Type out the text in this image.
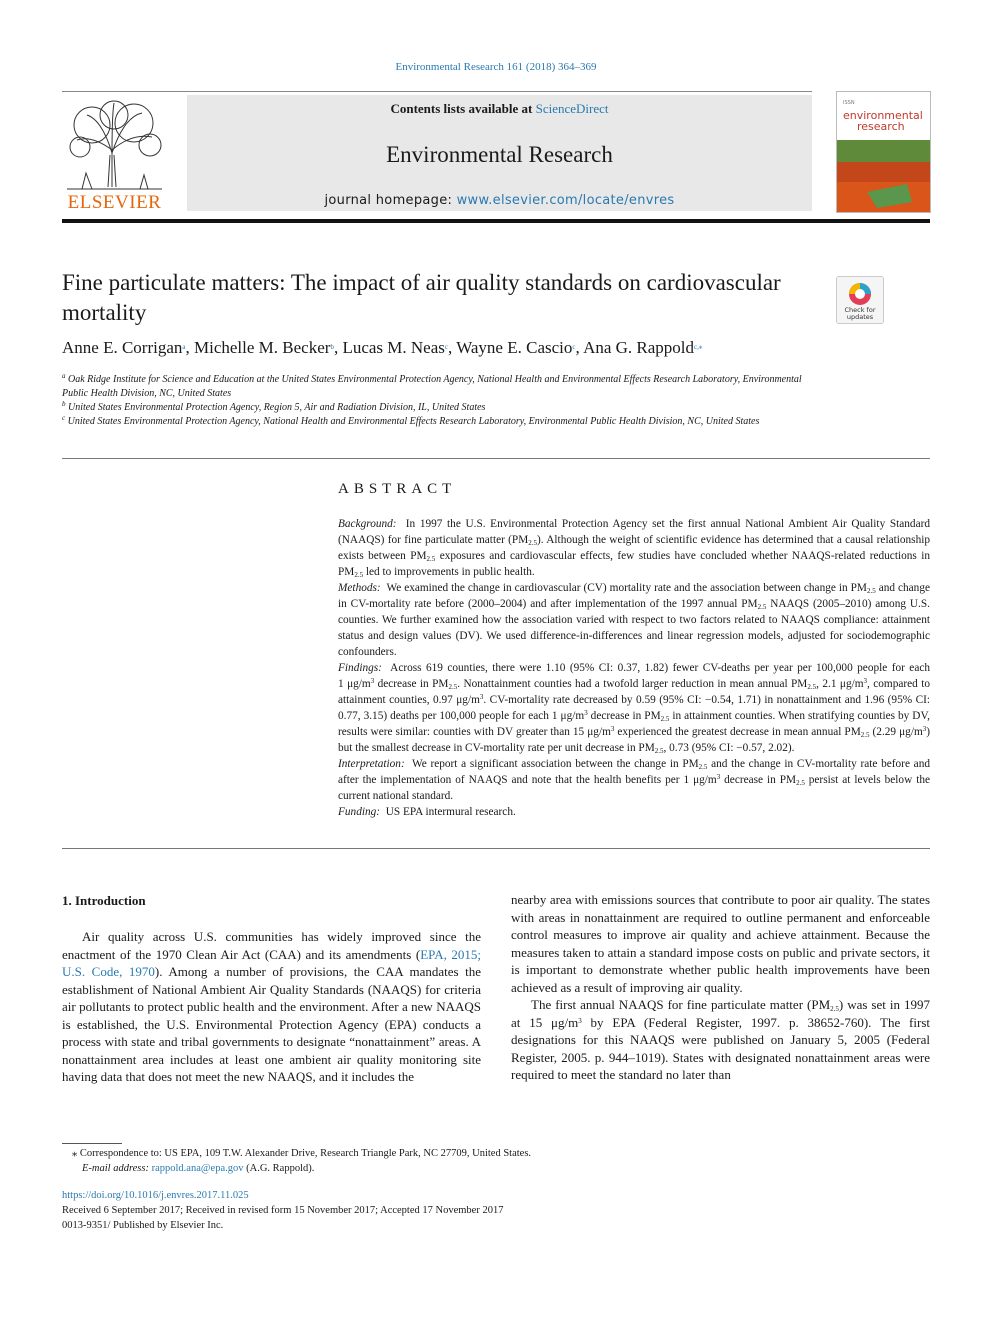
Environmental Research 161 (2018) 364–369
ELSEVIER
Contents lists available at ScienceDirect
Environmental Research
journal homepage: www.elsevier.com/locate/envres
ISSN
environmental
research
Fine particulate matters: The impact of air quality standards on cardiovascular mortality	Check for updates
Anne E. Corrigan$^a$, Michelle M. Becker$^b$, Lucas M. Neas$^c$, Wayne E. Cascio$^c$, Ana G. Rappold$^{c,⁎}$
$^a$ Oak Ridge Institute for Science and Education at the United States Environmental Protection Agency, National Health and Environmental Effects Research Laboratory, Environmental Public Health Division, NC, United States
$^b$ United States Environmental Protection Agency, Region 5, Air and Radiation Division, IL, United States
$^c$ United States Environmental Protection Agency, National Health and Environmental Effects Research Laboratory, Environmental Public Health Division, NC, United States
ABSTRACT

Background:  In 1997 the U.S. Environmental Protection Agency set the first annual National Ambient Air Quality Standard (NAAQS) for fine particulate matter $(PM_{2.5})$. Although the weight of scientific evidence has determined that a causal relationship exists between $PM_{2.5}$ exposures and cardiovascular effects, few studies have concluded whether NAAQS-related reductions in $PM_{2.5}$ led to improvements in public health.

Methods:  We examined the change in cardiovascular (CV) mortality rate and the association between change in $PM_{2.5}$ and change in CV-mortality rate before (2000–2004) and after implementation of the 1997 annual $PM_{2.5}$ NAAQS (2005–2010) among U.S. counties. We further examined how the association varied with respect to two factors related to NAAQS compliance: attainment status and design values (DV). We used difference-in-differences and linear regression models, adjusted for sociodemographic confounders.

Findings:  Across 619 counties, there were 1.10 (95% CI: 0.37, 1.82) fewer CV-deaths per year per 100,000 people for each 1 $\mu g/m^3$ decrease in $PM_{2.5}$. Nonattainment counties had a twofold larger reduction in mean annual $PM_{2.5}$, 2.1 $\mu g/m^3$, compared to attainment counties, 0.97 $\mu g/m^3$. CV-mortality rate decreased by 0.59 (95% CI: −0.54, 1.71) in nonattainment and 1.96 (95% CI: 0.77, 3.15) deaths per 100,000 people for each 1 $\mu g/m^3$ decrease in $PM_{2.5}$ in attainment counties. When stratifying counties by DV, results were similar: counties with DV greater than 15 $\mu g/m^3$ experienced the greatest decrease in mean annual $PM_{2.5}$ (2.29 $\mu g/m^3$) but the smallest decrease in CV-mortality rate per unit decrease in $PM_{2.5}$, 0.73 (95% CI: −0.57, 2.02).

Interpretation:  We report a significant association between the change in $PM_{2.5}$ and the change in CV-mortality rate before and after the implementation of NAAQS and note that the health benefits per 1 $\mu g/m^3$ decrease in $PM_{2.5}$ persist at levels below the current national standard.

Funding: US EPA intermural research.

1. Introduction

Air quality across U.S. communities has widely improved since the enactment of the 1970 Clean Air Act (CAA) and its amendments (EPA, 2015; U.S. Code, 1970). Among a number of provisions, the CAA mandates the establishment of National Ambient Air Quality Standards (NAAQS) for criteria air pollutants to protect public health and the environment. After a new NAAQS is established, the U.S. Environmental Protection Agency (EPA) conducts a process with state and tribal governments to designate “nonattainment” areas. A nonattainment area includes at least one ambient air quality monitoring site having data that does not meet the new NAAQS, and it includes the

nearby area with emissions sources that contribute to poor air quality. The states with areas in nonattainment are required to outline permanent and enforceable control measures to improve air quality and achieve attainment. Because the measures taken to attain a standard impose costs on public and private sectors, it is important to demonstrate whether public health improvements have been achieved as a result of improving air quality.

The first annual NAAQS for fine particulate matter $(PM_{2.5})$ was set in 1997 at 15 $\mu g/m^3$ by EPA (Federal Register, 1997. p. 38652-760). The first designations for this NAAQS were published on January 5, 2005 (Federal Register, 2005. p. 944–1019). States with designated nonattainment areas were required to meet the standard no later than

⁎ Correspondence to: US EPA, 109 T.W. Alexander Drive, Research Triangle Park, NC 27709, United States.
E-mail address: rappold.ana@epa.gov (A.G. Rappold).
https://doi.org/10.1016/j.envres.2017.11.025
Received 6 September 2017; Received in revised form 15 November 2017; Accepted 17 November 2017
0013-9351/ Published by Elsevier Inc.
